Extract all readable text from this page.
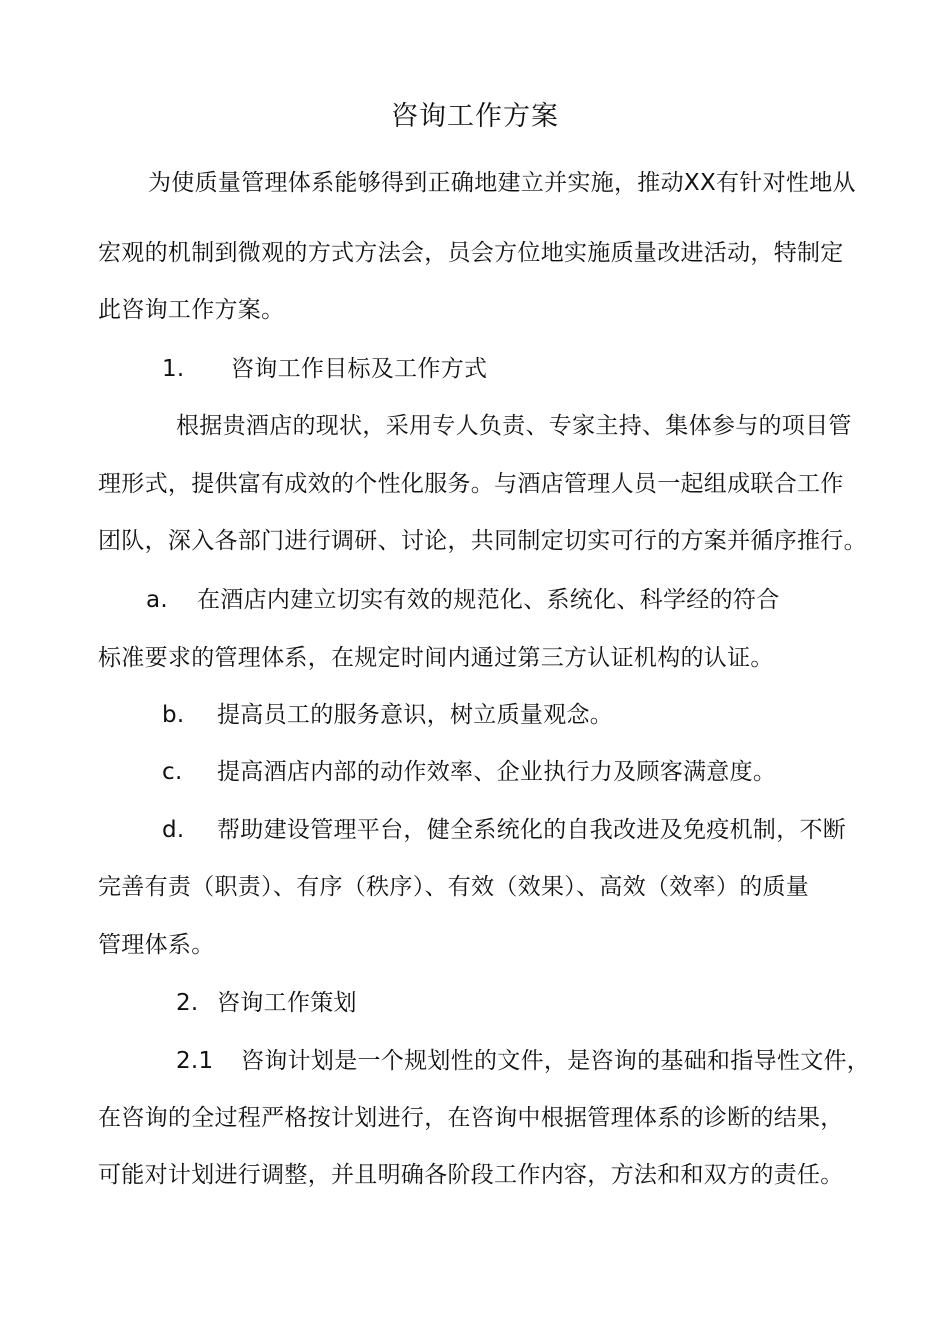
咨询工作方案
为使质量管理体系能够得到正确地建立并实施，推动XX有针对性地从
宏观的机制到微观的方式方法会，员会方位地实施质量改进活动，特制定
此咨询工作方案。
1. 咨询工作目标及工作方式
根据贵酒店的现状，采用专人负责、专家主持、集体参与的项目管
理形式，提供富有成效的个性化服务。与酒店管理人员一起组成联合工作
团队，深入各部门进行调研、讨论，共同制定切实可行的方案并循序推行。
a. 在酒店内建立切实有效的规范化、系统化、科学经的符合
标准要求的管理体系，在规定时间内通过第三方认证机构的认证。
b. 提高员工的服务意识，树立质量观念。
c. 提高酒店内部的动作效率、企业执行力及顾客满意度。
d. 帮助建设管理平台，健全系统化的自我改进及免疫机制，不断
完善有责（职责）、有序（秩序）、有效（效果）、高效（效率）的质量
管理体系。
2. 咨询工作策划
2.1 咨询计划是一个规划性的文件，是咨询的基础和指导性文件，
在咨询的全过程严格按计划进行，在咨询中根据管理体系的诊断的结果，
可能对计划进行调整，并且明确各阶段工作内容，方法和和双方的责任。
